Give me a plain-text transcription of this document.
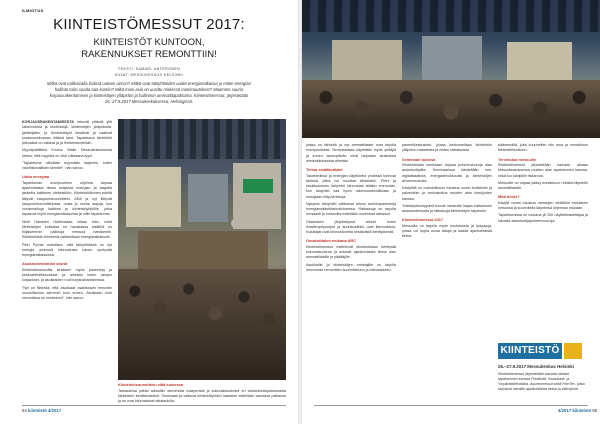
ILMIOTUS
KIINTEISTÖMESSUT 2017:
KIINTEISTÖT KUNTOON,
RAKENNUKSET REMONTTIIN!
TEKSTI: SAMAEL ANTERONEN
KUVAT: MESSUKESKUS HELSINKI
Mitkä ovat valikoivalla lisäisiä uuteen aircon? Mitkä ovat talöyhtiöiden uudet energiaratkaisut ja miten energian hallinta tulisi saada aan kuntiin? Mikä moni asia on uusittu mielessä monimuutokset? Maamme suurin korjausrakentamisen ja kiinteistöjen ylläpidon ja hallinnon ammattitapahtuma, Kiinteistömessut, järjestetään 26.-27.9.2017 Messukeskuksessa, Helsingissä.

KORJAUSRAKENTAMISESTA tekevät pitävät yllä rakennuksia ja kiinteistöjä, kiinteistöjen ylläpidosta, jaettelijatta, ja Kiinteistötyöt kestävät ja vaativat kustannuskuvaan riittävä talot. Tapahtuma kiinteistöi pitkoaikai on valtava ja ja Kiinteistöniteisiin.

Myyntipäällikkö Kimmo Walle Messukeskuksesta kertoo, että myyntia on ollut vilkkaana tyyni.

”Tapahtuma nähdään myymään laajemin, kuten valohistoriallisen kerralle”, hän sanoo.

Uutta energiaa

Tapahtuman monipuolinen ohjelma tarjoaa ajankohtaisia tietoa esityksiä energian ja laajoilla jakkeilla kaikkeen kiinteistöön. Kiinteistöliitonen-edeltä liittyvät kaupunkisuunnittelu, ARA ja nyt liittyvät kaupunkisuunnittelussa, uusia ja vanha laajoja, kun vuodenaikoja kaikkea ja kiinteistöyhtiöille, jotka tapaavat myös energiaratkaisuista ja niille tapahtumia.

Netti Halosten Hallinnassa ollaan reilu, mikä kiinteistöjen kokkalsa on hanskassa sisältöä on hiljaisemmin paikkoja messua hankkeelle. Kiinteistöistä tehneenä valtamiltaan energiaratkaisulle.

Petri Pylvas mainitsee, että talöyhtiöissä on nyt energia yhdessä kiinnostusta taloon syntyvää energiaratkaisuissa.

Asukasviestinnän oikeat

Kiinteistömessuilla kesäisen myös paneeleja ja keskustelutilaisuuksia ja aiheista kuten talojen korjaukset, ja asukkaiden rooli korjaushankkeessa.

”Nyt on tärkeää, että asukkaat osallistuvat remontin suunnitteluun aiemmin kuin ennen. Asukkaan rooli remontissa on keskeinen”, hän sanoo.

Kiinteistösuunnittelu elää kuluessa

Tarkastelua pitkän aikavälin alemmista maaperistä ja kokonaisuudesta eri tarkastelutapahtumasta kiinteistön kehittämiseksi. Seminaari ja valtavat kiinteistöyhtiön haasteet esitellään samassa paikassa ja ne ovat kiinnostavat aikataululla.

84 kiinteistö 4/2017

joissa on tärkeää ja nyt ammattilaiset ovat tarjolla monipuolisesti. Seminaarissa käytetään myös yrittäjiä ja ennen aamupäivän vielä tarjotaan alustuksia mielenkiintoisista aiheista.

Tietoa sisältäväkäsi

Talotekniikka ja energian käyttöinfra yhdessä toimivat talössä, jotka voi muuttaa kiinteistön. Pieni ja keskikokoinen talöyhtiö kiinnostaa tätäkin enemmän, kun taloyhtiö saa hyvin rakennustekniikkaan ja energiaan liittyviä tietoja.

Nykyisin taloyhtiöt valitsevat taloon aurinkopaneeleja energiansäästötarkoituksessa. Ratkaisuja on tarjolla runsaasti ja messuilla esitellään uusimmat ratkaisut.

Ostamisen järjestelyssä aiheet kuten ilmalämpöpumput ja aurinkosähkö ovat kiinnostavia. Kuluttajat ovat kiinnostuneita kestävästä kehityksestä.

Omakotitalon mukana ARC

Kiinteistömessut esittelevät kiinteistöalan kehitystä kokonaisuutena ja antavat ajankohtaista tietoa alan ammattilaisille ja päättäjille.

Asukkaille ja kiinteistöjen omistajille on tarjolla neuvontaa remonttien suunnitteluun ja toteutukseen.

paneelikeskustelu, joissa keskustellaan kiinteistön ylläpidon haasteista ja niiden ratkaisuista.

Seminaari tulossa

Kiinteistöalan seminaari tarjoaa puheenvuoroja alan asiantuntijoilta. Seminaarissa käsitellään mm. digitalisaatiota, energiatehokkuutta ja kiinteistöjen arvonmuutosta.

Kävijöillä on mahdollisuus tutustua uusiin tuotteisiin ja palveluihin ja verkostoitua muiden alan toimijoiden kanssa.

Yhteistyökumppanit tuovat messuille laajan kattauksen asiantuntemusta ja ratkaisuja kiinteistöjen tarpeisiin.

Kiinteistömessut 2017

Messuilla on tarjolla myös koulutuksia ja työpajoja, joissa voi oppia uusia taitoja ja saada ajankohtaista tietoa.

pääsemällä, joita kuunnellen niin aina ja ennakkoon kiinteistöhuoltoon.

Tervetuloa messuille

Kiinteistömessut järjestetään samaan aikaan Messukeskuksessa muiden alan tapahtumien kanssa, mikä tuo kävijöille lisäarvoa.

Messuille on vapaa pääsy ennakkoon rekisteröityneille ammattilaisille.

Mitä tiedet?

Kävijät voivat tutustua messujen sisältöön etukäteen verkossa ja suunnitella käyntinsä ohjelman mukaan.

Tapahtumassa on mukana yli 300 näytteilleasettajaa ja lukuisia asiantuntijapuheenvuoroja.

KIINTEISTÖ
26.–27.9.2017 Messukeskus Helsinki
Kiinteistömessut järjestetään samaan aikaan tapahtumien kanssa FinnBuild, Ilmastointi- ja Ympäristötekniikka, Asuntomessut sekä FinnTec, jotka tarjoavat vieraille ajankohtaista tietoa ja elämyksiä.
4/2017 kiinteistö 85
